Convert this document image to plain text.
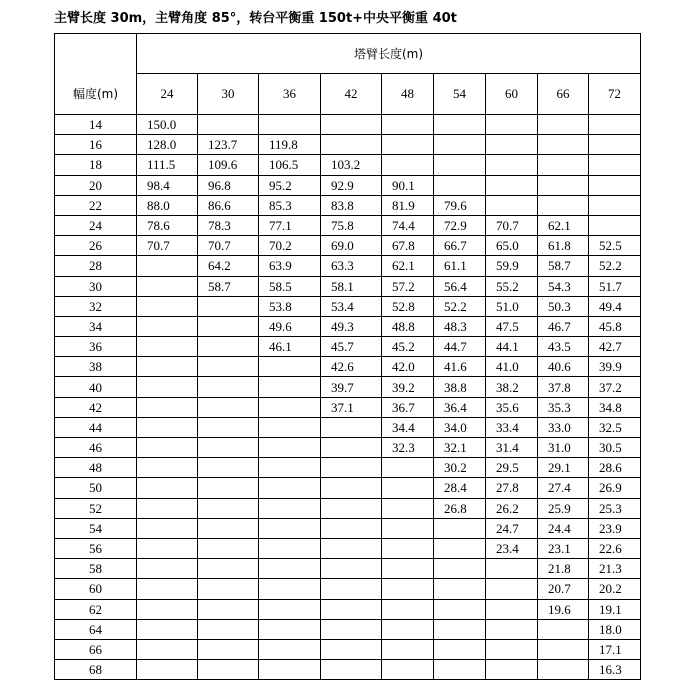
主臂长度 30m，主臂角度 85°，转台平衡重 150t+中央平衡重 40t
	塔臂长度(m)								
幅度(m)	24	30	36	42	48	54	60	66	72
14	150.0								
16	128.0	123.7	119.8						
18	111.5	109.6	106.5	103.2					
20	98.4	96.8	95.2	92.9	90.1				
22	88.0	86.6	85.3	83.8	81.9	79.6			
24	78.6	78.3	77.1	75.8	74.4	72.9	70.7	62.1	
26	70.7	70.7	70.2	69.0	67.8	66.7	65.0	61.8	52.5
28		64.2	63.9	63.3	62.1	61.1	59.9	58.7	52.2
30		58.7	58.5	58.1	57.2	56.4	55.2	54.3	51.7
32			53.8	53.4	52.8	52.2	51.0	50.3	49.4
34			49.6	49.3	48.8	48.3	47.5	46.7	45.8
36			46.1	45.7	45.2	44.7	44.1	43.5	42.7
38				42.6	42.0	41.6	41.0	40.6	39.9
40				39.7	39.2	38.8	38.2	37.8	37.2
42				37.1	36.7	36.4	35.6	35.3	34.8
44					34.4	34.0	33.4	33.0	32.5
46					32.3	32.1	31.4	31.0	30.5
48						30.2	29.5	29.1	28.6
50						28.4	27.8	27.4	26.9
52						26.8	26.2	25.9	25.3
54							24.7	24.4	23.9
56							23.4	23.1	22.6
58								21.8	21.3
60								20.7	20.2
62								19.6	19.1
64									18.0
66									17.1
68									16.3
